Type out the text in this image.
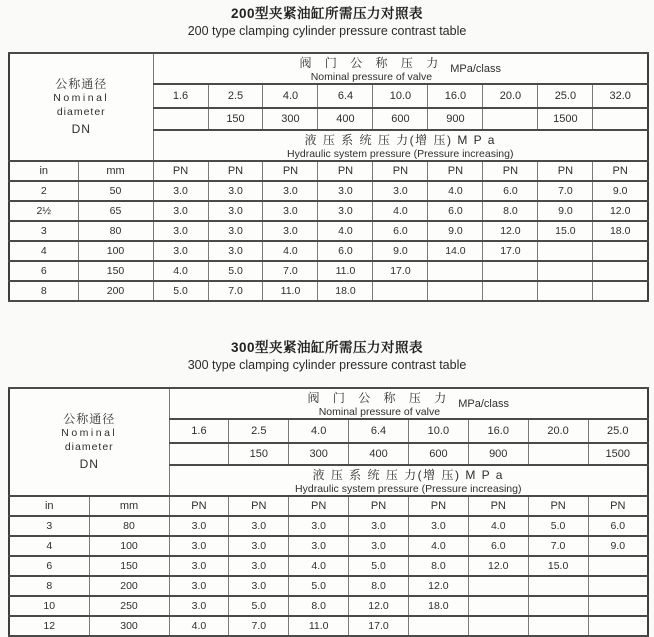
200型夹紧油缸所需压力对照表
200 type clamping cylinder pressure contrast table
公称通径
Nominal
diameter
DN

阀 门 公 称 压 力
Nominal pressure of valve
MPa/class

		1.6	2.5	4.0	6.4	10.0	16.0	20.0	25.0	32.0
			150	300	400	600	900		1500	

		液 压 系 统 压 力(增 压) M P a
Hydraulic system pressure (Pressure increasing)								

in	mm	PN	PN	PN	PN	PN	PN	PN	PN	PN
2	50	3.0	3.0	3.0	3.0	3.0	4.0	6.0	7.0	9.0
2½	65	3.0	3.0	3.0	3.0	4.0	6.0	8.0	9.0	12.0
3	80	3.0	3.0	3.0	4.0	6.0	9.0	12.0	15.0	18.0
4	100	3.0	3.0	4.0	6.0	9.0	14.0	17.0		
6	150	4.0	5.0	7.0	11.0	17.0				
8	200	5.0	7.0	11.0	18.0					
300型夹紧油缸所需压力对照表
300 type clamping cylinder pressure contrast table
公称通径
Nominal
diameter
DN

阀 门 公 称 压 力
Nominal pressure of valve
MPa/class

		1.6	2.5	4.0	6.4	10.0	16.0	20.0	25.0
			150	300	400	600	900		1500

		液 压 系 统 压 力(增 压) M P a
Hydraulic system pressure (Pressure increasing)							

in	mm	PN	PN	PN	PN	PN	PN	PN	PN
3	80	3.0	3.0	3.0	3.0	3.0	4.0	5.0	6.0
4	100	3.0	3.0	3.0	3.0	4.0	6.0	7.0	9.0
6	150	3.0	3.0	4.0	5.0	8.0	12.0	15.0	
8	200	3.0	3.0	5.0	8.0	12.0			
10	250	3.0	5.0	8.0	12.0	18.0			
12	300	4.0	7.0	11.0	17.0				
